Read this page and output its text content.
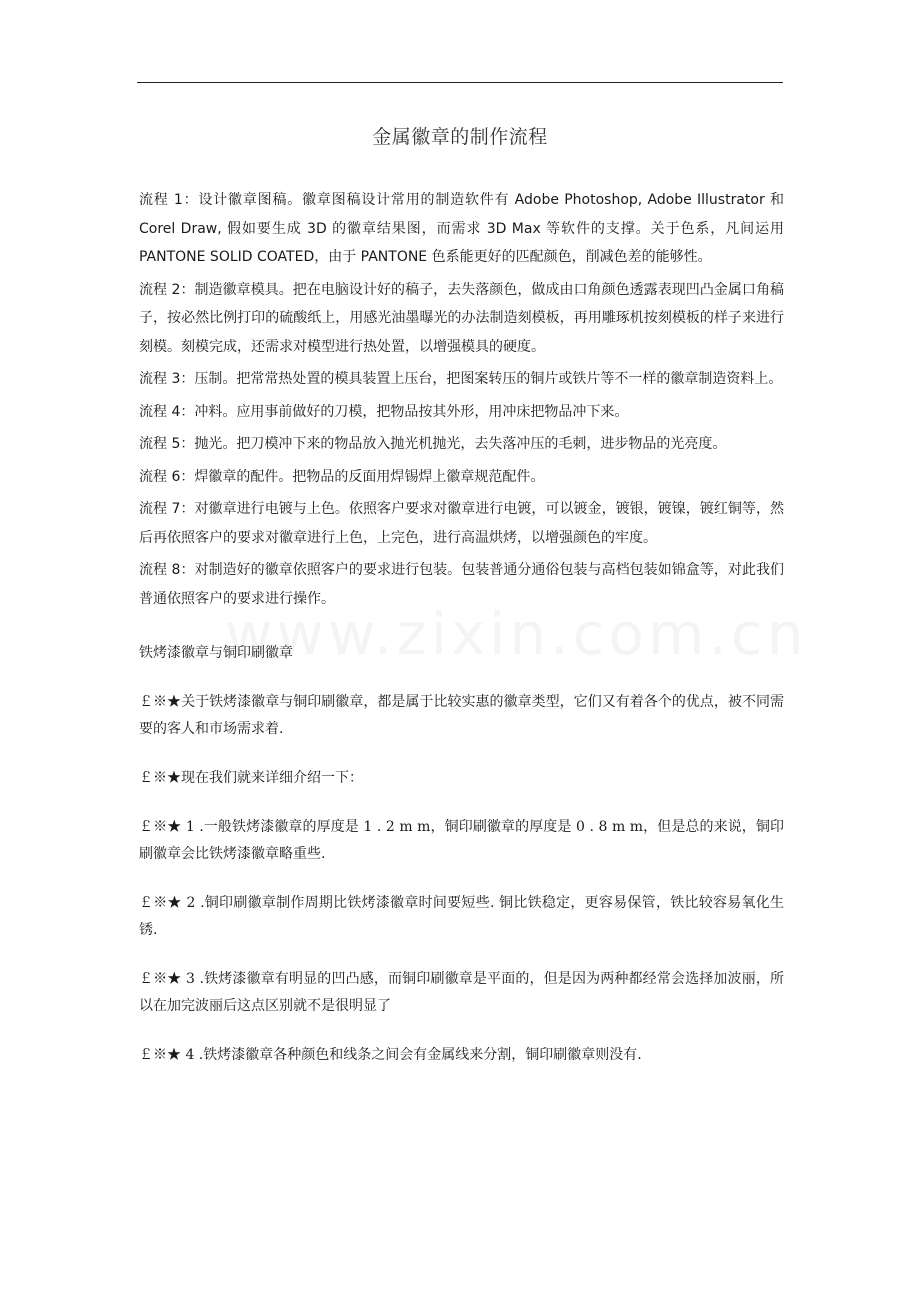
金属徽章的制作流程

流程 1：设计徽章图稿。徽章图稿设计常用的制造软件有 Adobe Photoshop, Adobe Illustrator 和 Corel Draw, 假如要生成 3D 的徽章结果图，而需求 3D Max 等软件的支撑。关于色系，凡间运用 PANTONE SOLID COATED，由于 PANTONE 色系能更好的匹配颜色，削减色差的能够性。

流程 2：制造徽章模具。把在电脑设计好的稿子，去失落颜色，做成由口角颜色透露表现凹凸金属口角稿子，按必然比例打印的硫酸纸上，用感光油墨曝光的办法制造刻模板，再用雕琢机按刻模板的样子来进行刻模。刻模完成，还需求对模型进行热处置，以增强模具的硬度。

流程 3：压制。把常常热处置的模具装置上压台，把图案转压的铜片或铁片等不一样的徽章制造资料上。

流程 4：冲料。应用事前做好的刀模，把物品按其外形，用冲床把物品冲下来。

流程 5：抛光。把刀模冲下来的物品放入抛光机抛光，去失落冲压的毛刺，进步物品的光亮度。

流程 6：焊徽章的配件。把物品的反面用焊锡焊上徽章规范配件。

流程 7：对徽章进行电镀与上色。依照客户要求对徽章进行电镀，可以镀金，镀银，镀镍，镀红铜等，然后再依照客户的要求对徽章进行上色，上完色，进行高温烘烤，以增强颜色的牢度。

流程 8：对制造好的徽章依照客户的要求进行包装。包装普通分通俗包装与高档包装如锦盒等，对此我们普通依照客户的要求进行操作。

铁烤漆徽章与铜印刷徽章

￡※★关于铁烤漆徽章与铜印刷徽章，都是属于比较实惠的徽章类型，它们又有着各个的优点，被不同需要的客人和市场需求着.

￡※★现在我们就来详细介绍一下：

￡※★ 1 .一般铁烤漆徽章的厚度是 1 . 2 m m，铜印刷徽章的厚度是 0 . 8 m m，但是总的来说，铜印刷徽章会比铁烤漆徽章略重些.

￡※★ 2 .铜印刷徽章制作周期比铁烤漆徽章时间要短些. 铜比铁稳定，更容易保管，铁比较容易氧化生锈.

￡※★ 3 .铁烤漆徽章有明显的凹凸感，而铜印刷徽章是平面的，但是因为两种都经常会选择加波丽，所以在加完波丽后这点区别就不是很明显了

￡※★ 4 .铁烤漆徽章各种颜色和线条之间会有金属线来分割，铜印刷徽章则没有.
